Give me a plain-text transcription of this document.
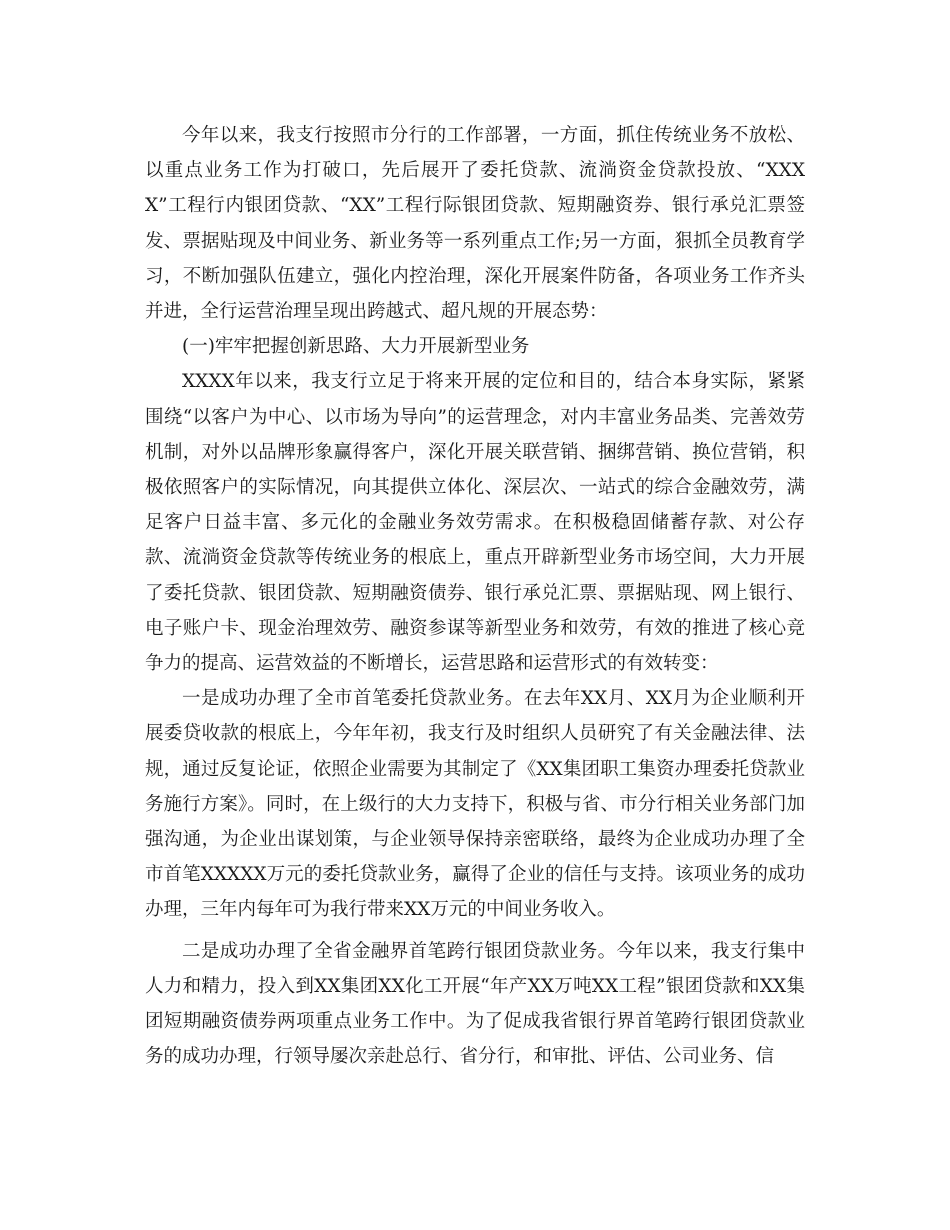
今年以来，我支行按照市分行的工作部署，一方面，抓住传统业务不放松、以重点业务工作为打破口，先后展开了委托贷款、流淌资金贷款投放、“XXXX”工程行内银团贷款、“XX”工程行际银团贷款、短期融资券、银行承兑汇票签发、票据贴现及中间业务、新业务等一系列重点工作;另一方面，狠抓全员教育学习，不断加强队伍建立，强化内控治理，深化开展案件防备，各项业务工作齐头并进，全行运营治理呈现出跨越式、超凡规的开展态势：

(一)牢牢把握创新思路、大力开展新型业务

XXXX年以来，我支行立足于将来开展的定位和目的，结合本身实际，紧紧围绕“以客户为中心、以市场为导向”的运营理念，对内丰富业务品类、完善效劳机制，对外以品牌形象赢得客户，深化开展关联营销、捆绑营销、换位营销，积极依照客户的实际情况，向其提供立体化、深层次、一站式的综合金融效劳，满足客户日益丰富、多元化的金融业务效劳需求。在积极稳固储蓄存款、对公存款、流淌资金贷款等传统业务的根底上，重点开辟新型业务市场空间，大力开展了委托贷款、银团贷款、短期融资债券、银行承兑汇票、票据贴现、网上银行、电子账户卡、现金治理效劳、融资参谋等新型业务和效劳，有效的推进了核心竞争力的提高、运营效益的不断增长，运营思路和运营形式的有效转变：

一是成功办理了全市首笔委托贷款业务。在去年XX月、XX月为企业顺利开展委贷收款的根底上，今年年初，我支行及时组织人员研究了有关金融法律、法规，通过反复论证，依照企业需要为其制定了《XX集团职工集资办理委托贷款业务施行方案》。同时，在上级行的大力支持下，积极与省、市分行相关业务部门加强沟通，为企业出谋划策，与企业领导保持亲密联络，最终为企业成功办理了全市首笔XXXXX万元的委托贷款业务，赢得了企业的信任与支持。该项业务的成功办理，三年内每年可为我行带来XX万元的中间业务收入。

二是成功办理了全省金融界首笔跨行银团贷款业务。今年以来，我支行集中人力和精力，投入到XX集团XX化工开展“年产XX万吨XX工程”银团贷款和XX集团短期融资债券两项重点业务工作中。为了促成我省银行界首笔跨行银团贷款业务的成功办理，行领导屡次亲赴总行、省分行，和审批、评估、公司业务、信
